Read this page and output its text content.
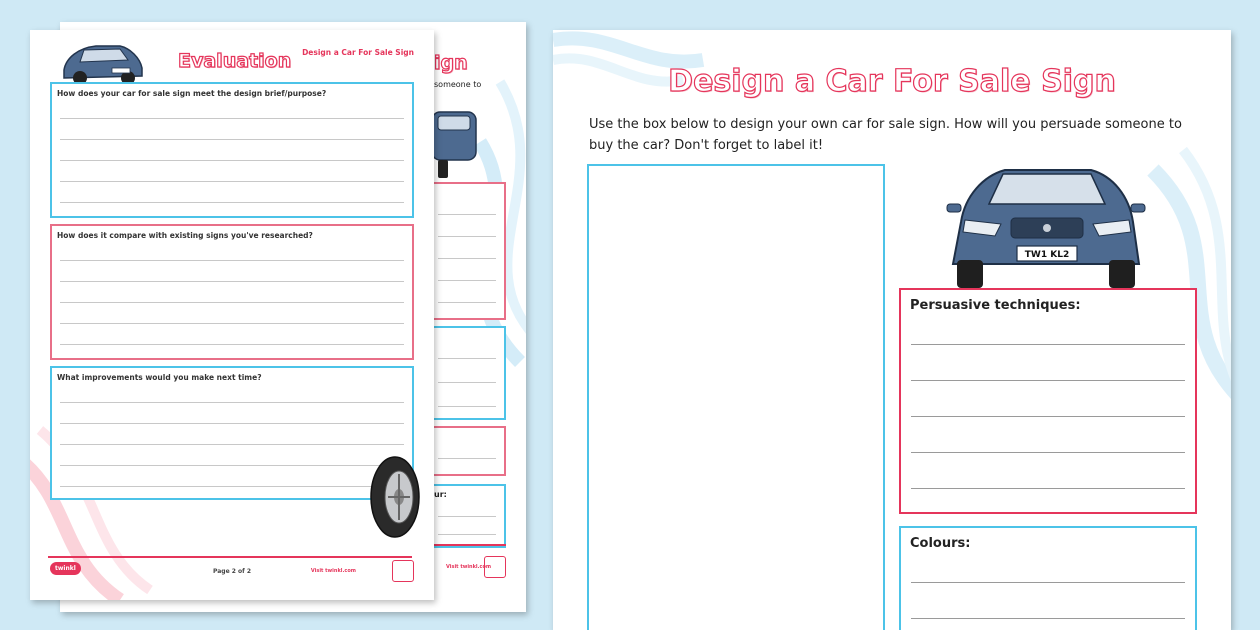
ign
someone to
ur:
Visit twinkl.com
Evaluation Design a Car For Sale Sign
How does your car for sale sign meet the design brief/purpose?
How does it compare with existing signs you've researched?
What improvements would you make next time?
twinkl	Page 2 of 2	Visit twinkl.com
Design a Car For Sale Sign
Use the box below to design your own car for sale sign. How will you persuade someone to buy the car? Don't forget to label it!
TW1 KL2
Persuasive techniques:
Colours:
